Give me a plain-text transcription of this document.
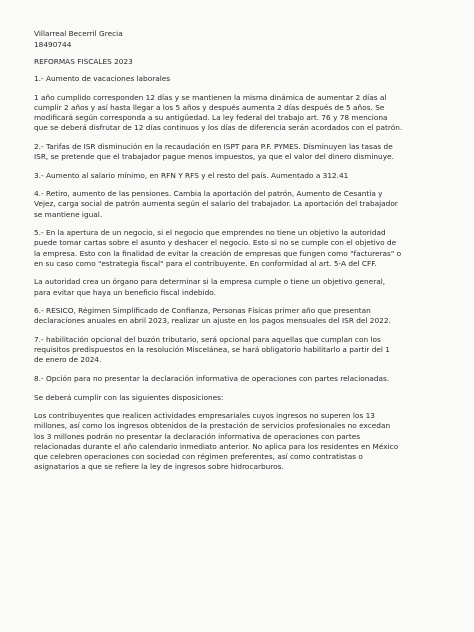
Villarreal Becerril Grecia

18490744

REFORMAS FISCALES 2023

1.- Aumento de vacaciones laborales

1 año cumplido corresponden 12 días y se mantienen la misma dinámica de aumentar 2 días al

cumplir 2 años y así hasta llegar a los 5 años y después aumenta 2 días después de 5 años. Se

modificará según corresponda a su antigüedad. La ley federal del trabajo art. 76 y 78 menciona

que se deberá disfrutar de 12 días continuos y los días de diferencia serán acordados con el patrón.

2.- Tarifas de ISR disminución en la recaudación en ISPT para P.F. PYMES. Disminuyen las tasas de

ISR, se pretende que el trabajador pague menos impuestos, ya que el valor del dinero disminuye.

3.- Aumento al salario mínimo, en RFN Y RFS y el resto del país. Aumentado a 312.41

4.- Retiro, aumento de las pensiones. Cambia la aportación del patrón, Aumento de Cesantía y

Vejez, carga social de patrón aumenta según el salario del trabajador. La aportación del trabajador

se mantiene igual.

5.- En la apertura de un negocio, si el negocio que emprendes no tiene un objetivo la autoridad

puede tomar cartas sobre el asunto y deshacer el negocio. Esto si no se cumple con el objetivo de

la empresa. Esto con la finalidad de evitar la creación de empresas que fungen como "factureras" o

en su caso como "estrategia fiscal" para el contribuyente. En conformidad al art. 5-A del CFF.

La autoridad crea un órgano para determinar si la empresa cumple o tiene un objetivo general,

para evitar que haya un beneficio fiscal indebido.

6.- RESICO, Régimen Simplificado de Confianza, Personas Físicas primer año que presentan

declaraciones anuales en abril 2023, realizar un ajuste en los pagos mensuales del ISR del 2022.

7.- habilitación opcional del buzón tributario, será opcional para aquellas que cumplan con los

requisitos predispuestos en la resolución Miscelánea, se hará obligatorio habilitarlo a partir del 1

de enero de 2024.

8.- Opción para no presentar la declaración informativa de operaciones con partes relacionadas.

Se deberá cumplir con las siguientes disposiciones:

Los contribuyentes que realicen actividades empresariales cuyos ingresos no superen los 13

millones, así como los ingresos obtenidos de la prestación de servicios profesionales no excedan

los 3 millones podrán no presentar la declaración informativa de operaciones con partes

relacionadas durante el año calendario inmediato anterior. No aplica para los residentes en México

que celebren operaciones con sociedad con régimen preferentes, así como contratistas o

asignatarios a que se refiere la ley de ingresos sobre hidrocarburos.
